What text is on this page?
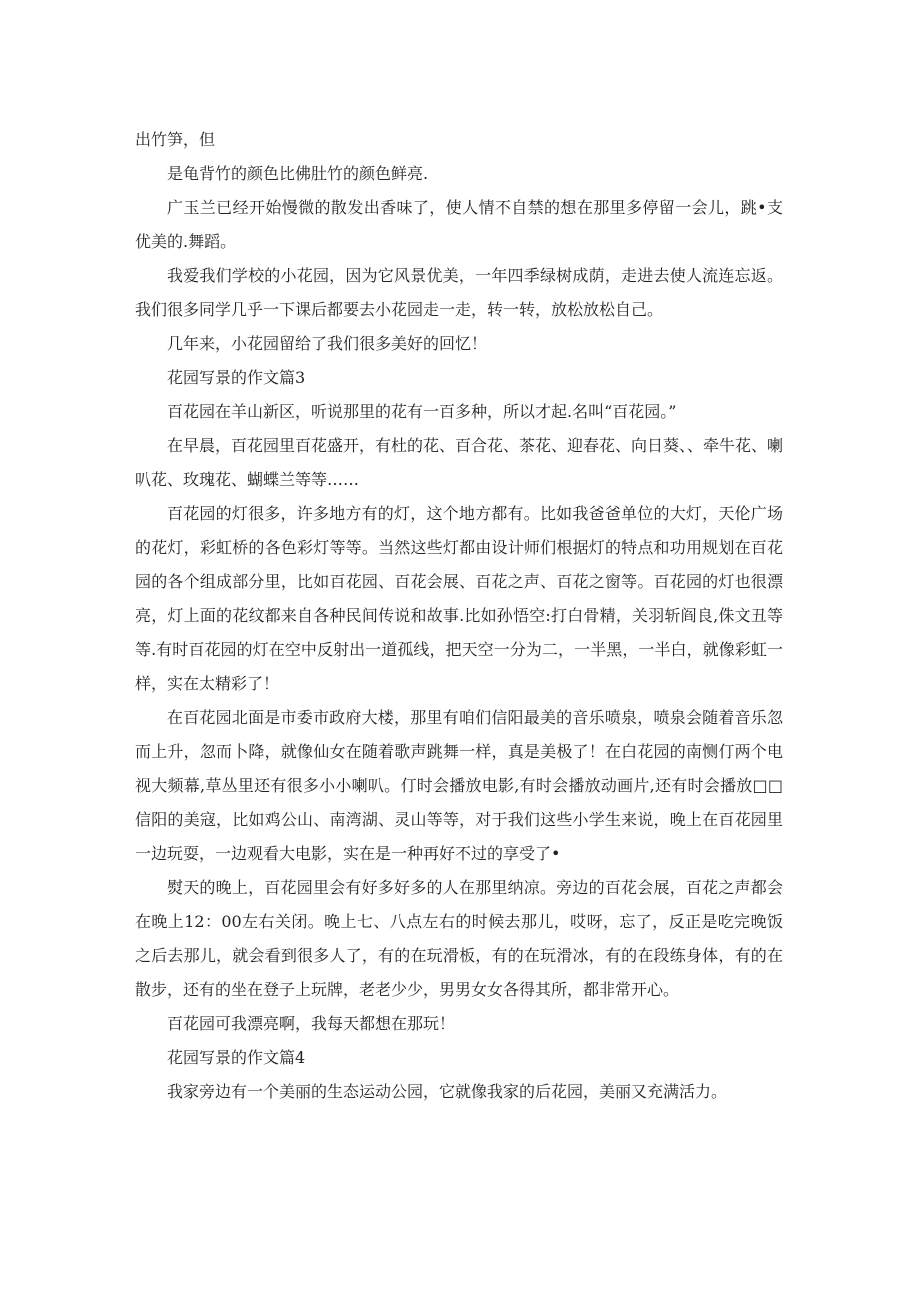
出竹笋，但

是龟背竹的颜色比佛肚竹的颜色鲜亮.

广玉兰已经开始慢微的散发出香味了，使人情不自禁的想在那里多停留一会儿，跳•支优美的.舞蹈。

我爱我们学校的小花园，因为它风景优美，一年四季绿树成荫，走进去使人流连忘返。我们很多同学几乎一下课后都要去小花园走一走，转一转，放松放松自己。

几年来，小花园留给了我们很多美好的回忆！

花园写景的作文篇3

百花园在羊山新区，听说那里的花有一百多种，所以才起.名叫“百花园。”

在早晨，百花园里百花盛开，有杜的花、百合花、茶花、迎春花、向日葵、、牵牛花、喇叭花、玫瑰花、蝴蝶兰等等……

百花园的灯很多，许多地方有的灯，这个地方都有。比如我爸爸单位的大灯，天伦广场的花灯，彩虹桥的各色彩灯等等。当然这些灯都由设计师们根据灯的特点和功用规划在百花园的各个组成部分里，比如百花园、百花会展、百花之声、百花之窗等。百花园的灯也很漂亮，灯上面的花纹都来自各种民间传说和故事.比如孙悟空:打白骨精，关羽斩阎良,侏文丑等等.有时百花园的灯在空中反射出一道孤线，把天空一分为二，一半黑，一半白，就像彩虹一样，实在太精彩了！

在百花园北面是市委市政府大楼，那里有咱们信阳最美的音乐喷泉，喷泉会随着音乐忽而上升，忽而卜降，就像仙女在随着歌声跳舞一样，真是美极了！在白花园的南恻仃两个电视大频幕,草丛里还有很多小小喇叭。仃时会播放电影,有时会播放动画片,还有时会播放□□信阳的美寇，比如鸡公山、南湾湖、灵山等等，对于我们这些小学生来说，晚上在百花园里一边玩耍，一边观看大电影，实在是一种再好不过的享受了•

熨天的晚上，百花园里会有好多好多的人在那里纳凉。旁边的百花会展，百花之声都会在晚上12：00左右关闭。晚上七、八点左右的时候去那儿，哎呀，忘了，反正是吃完晚饭之后去那儿，就会看到很多人了，有的在玩滑板，有的在玩滑冰，有的在段练身体，有的在散步，还有的坐在登子上玩牌，老老少少，男男女女各得其所，都非常开心。

百花园可我漂亮啊，我每天都想在那玩！

花园写景的作文篇4

我家旁边有一个美丽的生态运动公园，它就像我家的后花园，美丽又充满活力。
